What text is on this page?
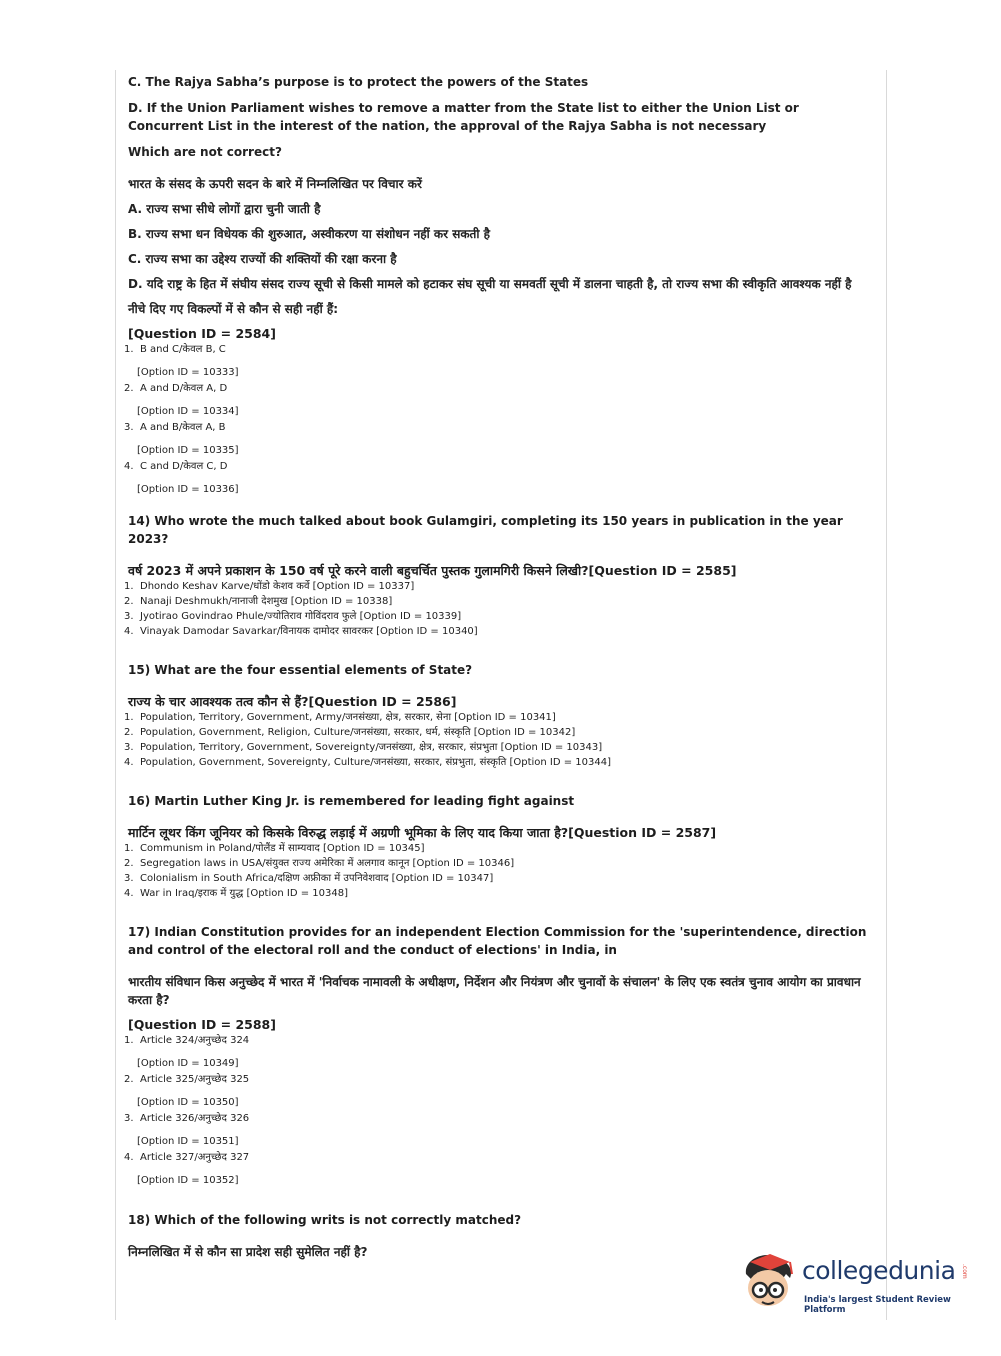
C. The Rajya Sabha’s purpose is to protect the powers of the States

D. If the Union Parliament wishes to remove a matter from the State list to either the Union List or Concurrent List in the interest of the nation, the approval of the Rajya Sabha is not necessary

Which are not correct?

भारत के संसद के ऊपरी सदन के बारे में निम्नलिखित पर विचार करें

A. राज्य सभा सीधे लोगों द्वारा चुनी जाती है

B. राज्य सभा धन विधेयक की शुरुआत, अस्वीकरण या संशोधन नहीं कर सकती है

C. राज्य सभा का उद्देश्य राज्यों की शक्तियों की रक्षा करना है

D. यदि राष्ट्र के हित में संघीय संसद राज्य सूची से किसी मामले को हटाकर संघ सूची या समवर्ती सूची में डालना चाहती है, तो राज्य सभा की स्वीकृति आवश्यक नहीं है

नीचे दिए गए विकल्पों में से कौन से सही नहीं हैं:

[Question ID = 2584]

1. B and C/केवल B, C
[Option ID = 10333]
2. A and D/केवल A, D
[Option ID = 10334]
3. A and B/केवल A, B
[Option ID = 10335]
4. C and D/केवल C, D
[Option ID = 10336]

14) Who wrote the much talked about book Gulamgiri, completing its 150 years in publication in the year 2023?

वर्ष 2023 में अपने प्रकाशन के 150 वर्ष पूरे करने वाली बहुचर्चित पुस्तक गुलामगिरी किसने लिखी?[Question ID = 2585]

1. Dhondo Keshav Karve/धोंडो केशव कर्वे [Option ID = 10337]
2. Nanaji Deshmukh/नानाजी देशमुख [Option ID = 10338]
3. Jyotirao Govindrao Phule/ज्योतिराव गोविंदराव फुले [Option ID = 10339]
4. Vinayak Damodar Savarkar/विनायक दामोदर सावरकर [Option ID = 10340]

15) What are the four essential elements of State?

राज्य के चार आवश्यक तत्व कौन से हैं?[Question ID = 2586]

1. Population, Territory, Government, Army/जनसंख्या, क्षेत्र, सरकार, सेना [Option ID = 10341]
2. Population, Government, Religion, Culture/जनसंख्या, सरकार, धर्म, संस्कृति [Option ID = 10342]
3. Population, Territory, Government, Sovereignty/जनसंख्या, क्षेत्र, सरकार, संप्रभुता [Option ID = 10343]
4. Population, Government, Sovereignty, Culture/जनसंख्या, सरकार, संप्रभुता, संस्कृति [Option ID = 10344]

16) Martin Luther King Jr. is remembered for leading fight against

मार्टिन लूथर किंग जूनियर को किसके विरुद्ध लड़ाई में अग्रणी भूमिका के लिए याद किया जाता है?[Question ID = 2587]

1. Communism in Poland/पोलैंड में साम्यवाद [Option ID = 10345]
2. Segregation laws in USA/संयुक्त राज्य अमेरिका में अलगाव कानून [Option ID = 10346]
3. Colonialism in South Africa/दक्षिण अफ्रीका में उपनिवेशवाद [Option ID = 10347]
4. War in Iraq/इराक में युद्ध [Option ID = 10348]

17) Indian Constitution provides for an independent Election Commission for the 'superintendence, direction and control of the electoral roll and the conduct of elections' in India, in

भारतीय संविधान किस अनुच्छेद में भारत में 'निर्वाचक नामावली के अधीक्षण, निर्देशन और नियंत्रण और चुनावों के संचालन' के लिए एक स्वतंत्र चुनाव आयोग का प्रावधान करता है?

[Question ID = 2588]

1. Article 324/अनुच्छेद 324
[Option ID = 10349]
2. Article 325/अनुच्छेद 325
[Option ID = 10350]
3. Article 326/अनुच्छेद 326
[Option ID = 10351]
4. Article 327/अनुच्छेद 327
[Option ID = 10352]

18) Which of the following writs is not correctly matched?

निम्नलिखित में से कौन सा प्रादेश सही सुमेलित नहीं है?

collegedunia .com
India's largest Student Review Platform
